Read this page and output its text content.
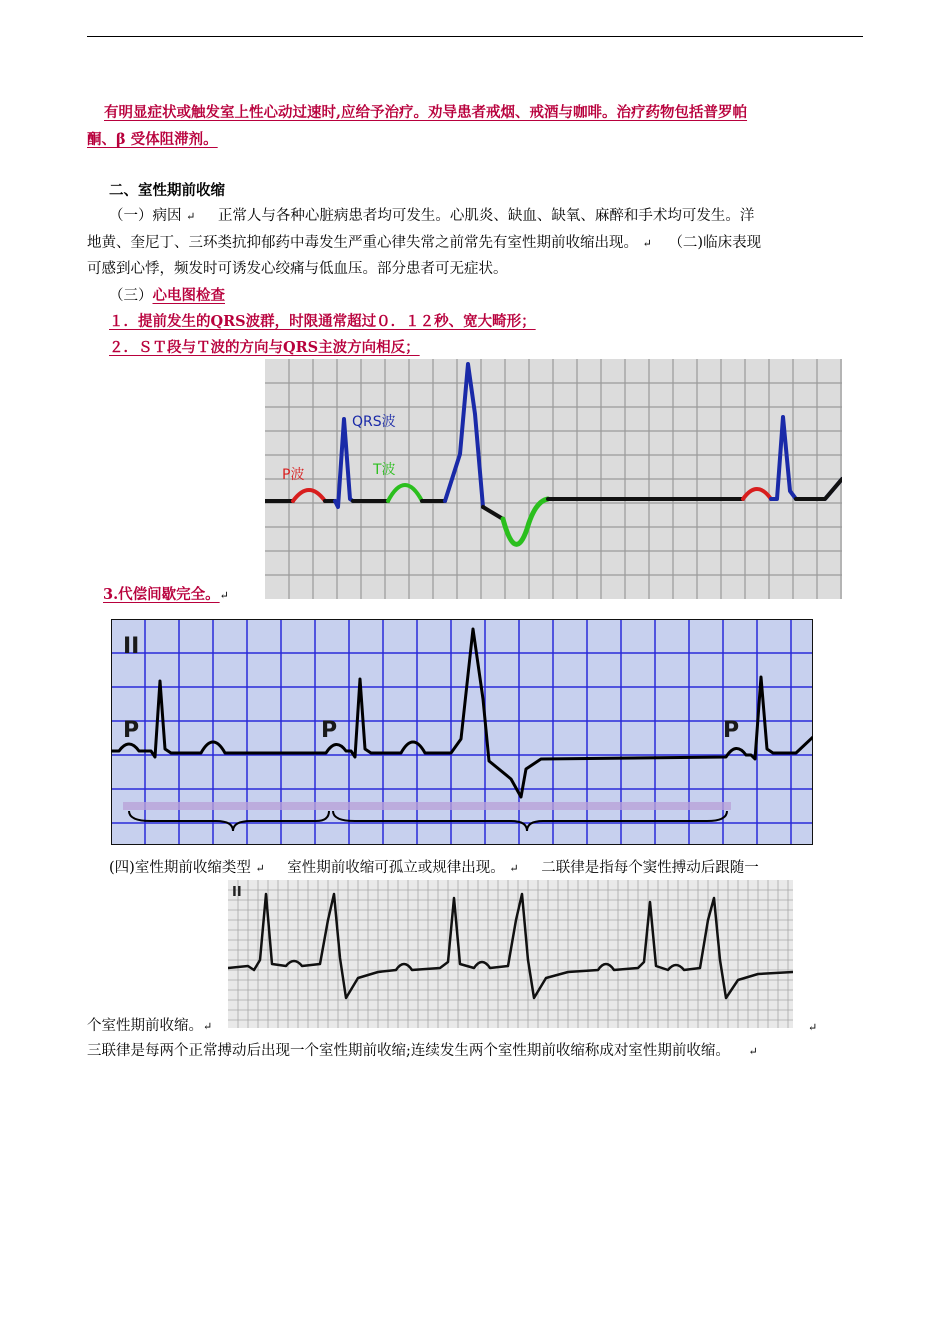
有明显症状或触发室上性心动过速时,应给予治疗。劝导患者戒烟、戒酒与咖啡。治疗药物包括普罗帕
酮、β 受体阻滞剂。
二、室性期前收缩
（一）病因 ↵ 正常人与各种心脏病患者均可发生。心肌炎、缺血、缺氧、麻醉和手术均可发生。洋
地黄、奎尼丁、三环类抗抑郁药中毒发生严重心律失常之前常先有室性期前收缩出现。 ↵ （二)临床表现
可感到心悸，频发时可诱发心绞痛与低血压。部分患者可无症状。
（三）心电图检查
１．提前发生的QRS波群，时限通常超过０．１２秒、宽大畸形；
２．ＳＴ段与Ｔ波的方向与QRS主波方向相反；
P波
QRS波
T波
3.代偿间歇完全。↵
II
P	P	P
(四)室性期前收缩类型 ↵ 室性期前收缩可孤立或规律出现。 ↵ 二联律是指每个窦性搏动后跟随一
II
个室性期前收缩。↵	↵
三联律是每两个正常搏动后出现一个室性期前收缩;连续发生两个室性期前收缩称成对室性期前收缩。 ↵
